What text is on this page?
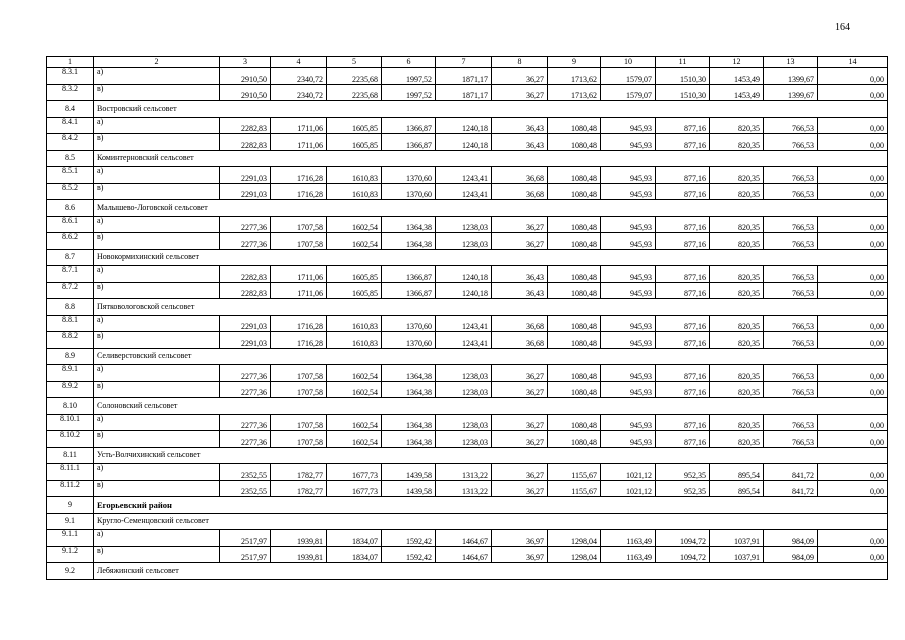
164
1	2	3	4	5	6	7	8	9	10	11	12	13	14
8.3.1	а)	2910,50	2340,72	2235,68	1997,52	1871,17	36,27	1713,62	1579,07	1510,30	1453,49	1399,67	0,00
8.3.2	в)	2910,50	2340,72	2235,68	1997,52	1871,17	36,27	1713,62	1579,07	1510,30	1453,49	1399,67	0,00
8.4	Востровский сельсовет												
8.4.1	а)	2282,83	1711,06	1605,85	1366,87	1240,18	36,43	1080,48	945,93	877,16	820,35	766,53	0,00
8.4.2	в)	2282,83	1711,06	1605,85	1366,87	1240,18	36,43	1080,48	945,93	877,16	820,35	766,53	0,00
8.5	Коминтерновский сельсовет												
8.5.1	а)	2291,03	1716,28	1610,83	1370,60	1243,41	36,68	1080,48	945,93	877,16	820,35	766,53	0,00
8.5.2	в)	2291,03	1716,28	1610,83	1370,60	1243,41	36,68	1080,48	945,93	877,16	820,35	766,53	0,00
8.6	Малышево-Логовской сельсовет												
8.6.1	а)	2277,36	1707,58	1602,54	1364,38	1238,03	36,27	1080,48	945,93	877,16	820,35	766,53	0,00
8.6.2	в)	2277,36	1707,58	1602,54	1364,38	1238,03	36,27	1080,48	945,93	877,16	820,35	766,53	0,00
8.7	Новокормихинский сельсовет												
8.7.1	а)	2282,83	1711,06	1605,85	1366,87	1240,18	36,43	1080,48	945,93	877,16	820,35	766,53	0,00
8.7.2	в)	2282,83	1711,06	1605,85	1366,87	1240,18	36,43	1080,48	945,93	877,16	820,35	766,53	0,00
8.8	Пятковологовской сельсовет												
8.8.1	а)	2291,03	1716,28	1610,83	1370,60	1243,41	36,68	1080,48	945,93	877,16	820,35	766,53	0,00
8.8.2	в)	2291,03	1716,28	1610,83	1370,60	1243,41	36,68	1080,48	945,93	877,16	820,35	766,53	0,00
8.9	Селиверстовский сельсовет												
8.9.1	а)	2277,36	1707,58	1602,54	1364,38	1238,03	36,27	1080,48	945,93	877,16	820,35	766,53	0,00
8.9.2	в)	2277,36	1707,58	1602,54	1364,38	1238,03	36,27	1080,48	945,93	877,16	820,35	766,53	0,00
8.10	Солоновский сельсовет												
8.10.1	а)	2277,36	1707,58	1602,54	1364,38	1238,03	36,27	1080,48	945,93	877,16	820,35	766,53	0,00
8.10.2	в)	2277,36	1707,58	1602,54	1364,38	1238,03	36,27	1080,48	945,93	877,16	820,35	766,53	0,00
8.11	Усть-Волчихинский сельсовет												
8.11.1	а)	2352,55	1782,77	1677,73	1439,58	1313,22	36,27	1155,67	1021,12	952,35	895,54	841,72	0,00
8.11.2	в)	2352,55	1782,77	1677,73	1439,58	1313,22	36,27	1155,67	1021,12	952,35	895,54	841,72	0,00
9	Егорьевский район												
9.1	Кругло-Семенцовский сельсовет												
9.1.1	а)	2517,97	1939,81	1834,07	1592,42	1464,67	36,97	1298,04	1163,49	1094,72	1037,91	984,09	0,00
9.1.2	в)	2517,97	1939,81	1834,07	1592,42	1464,67	36,97	1298,04	1163,49	1094,72	1037,91	984,09	0,00
9.2	Лебяжинский сельсовет												
